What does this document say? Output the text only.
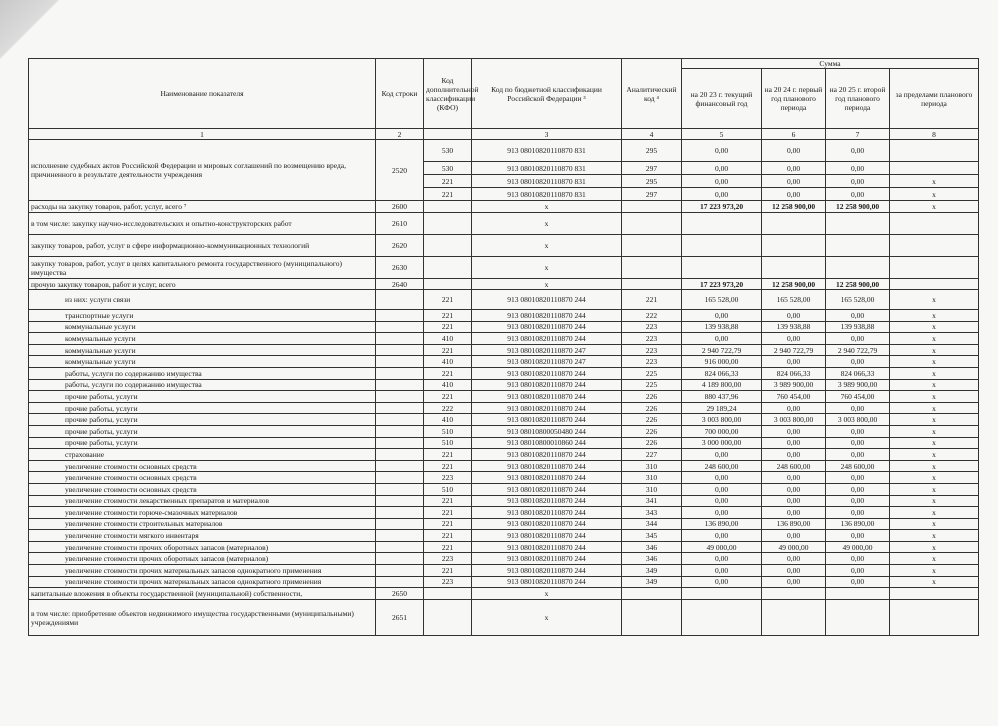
Наименование показателя	Код строки	Код дополнительной классификации (КФО)	Код по бюджетной классификации Российской Федерации ³	Аналитический код ⁴	Сумма			
					на 20 23 г. текущий финансовый год	на 20 24 г. первый год планового периода	на 20 25 г. второй год планового периода	за пределами планового периода
1	2		3	4	5	6	7	8
исполнение судебных актов Российской Федерации и мировых соглашений по возмещению вреда, причиненного в результате деятельности учреждения	2520	530	913 08010820110870 831	295	0,00	0,00	0,00	
		530	913 08010820110870 831	297	0,00	0,00	0,00	
		221	913 08010820110870 831	295	0,00	0,00	0,00	х
		221	913 08010820110870 831	297	0,00	0,00	0,00	х
расходы на закупку товаров, работ, услуг, всего ⁷	2600		х		17 223 973,20	12 258 900,00	12 258 900,00	х
в том числе: закупку научно-исследовательских и опытно-конструкторских работ	2610		х					
закупку товаров, работ, услуг в сфере информационно-коммуникационных технологий	2620		х					
закупку товаров, работ, услуг в целях капитального ремонта государственного (муниципального) имущества	2630		х					
прочую закупку товаров, работ и услуг, всего	2640		х		17 223 973,20	12 258 900,00	12 258 900,00	
из них: услуги связи		221	913 08010820110870 244	221	165 528,00	165 528,00	165 528,00	х
транспортные услуги		221	913 08010820110870 244	222	0,00	0,00	0,00	х
коммунальные услуги		221	913 08010820110870 244	223	139 938,88	139 938,88	139 938,88	х
коммунальные услуги		410	913 08010820110870 244	223	0,00	0,00	0,00	х
коммунальные услуги		221	913 08010820110870 247	223	2 940 722,79	2 940 722,79	2 940 722,79	х
коммунальные услуги		410	913 08010820110870 247	223	916 000,00	0,00	0,00	х
работы, услуги по содержанию имущества		221	913 08010820110870 244	225	824 066,33	824 066,33	824 066,33	х
работы, услуги по содержанию имущества		410	913 08010820110870 244	225	4 189 800,00	3 989 900,00	3 989 900,00	х
прочие работы, услуги		221	913 08010820110870 244	226	880 437,96	760 454,00	760 454,00	х
прочие работы, услуги		222	913 08010820110870 244	226	29 189,24	0,00	0,00	х
прочие работы, услуги		410	913 08010820110870 244	226	3 003 800,00	3 003 800,00	3 003 800,00	х
прочие работы, услуги		510	913 08010800050480 244	226	700 000,00	0,00	0,00	х
прочие работы, услуги		510	913 08010800010860 244	226	3 000 000,00	0,00	0,00	х
страхование		221	913 08010820110870 244	227	0,00	0,00	0,00	х
увеличение стоимости основных средств		221	913 08010820110870 244	310	248 600,00	248 600,00	248 600,00	х
увеличение стоимости основных средств		223	913 08010820110870 244	310	0,00	0,00	0,00	х
увеличение стоимости основных средств		510	913 08010820110870 244	310	0,00	0,00	0,00	х
увеличение стоимости лекарственных препаратов и материалов		221	913 08010820110870 244	341	0,00	0,00	0,00	х
увеличение стоимости горюче-смазочных материалов		221	913 08010820110870 244	343	0,00	0,00	0,00	х
увеличение стоимости строительных материалов		221	913 08010820110870 244	344	136 890,00	136 890,00	136 890,00	х
увеличение стоимости мягкого инвентаря		221	913 08010820110870 244	345	0,00	0,00	0,00	х
увеличение стоимости прочих оборотных запасов (материалов)		221	913 08010820110870 244	346	49 000,00	49 000,00	49 000,00	х
увеличение стоимости прочих оборотных запасов (материалов)		223	913 08010820110870 244	346	0,00	0,00	0,00	х
увеличение стоимости прочих материальных запасов однократного применения		221	913 08010820110870 244	349	0,00	0,00	0,00	х
увеличение стоимости прочих материальных запасов однократного применения		223	913 08010820110870 244	349	0,00	0,00	0,00	х
капитальные вложения в объекты государственной (муниципальной) собственности,	2650		х					
в том числе: приобретение объектов недвижимого имущества государственными (муниципальными) учреждениями	2651		х					
